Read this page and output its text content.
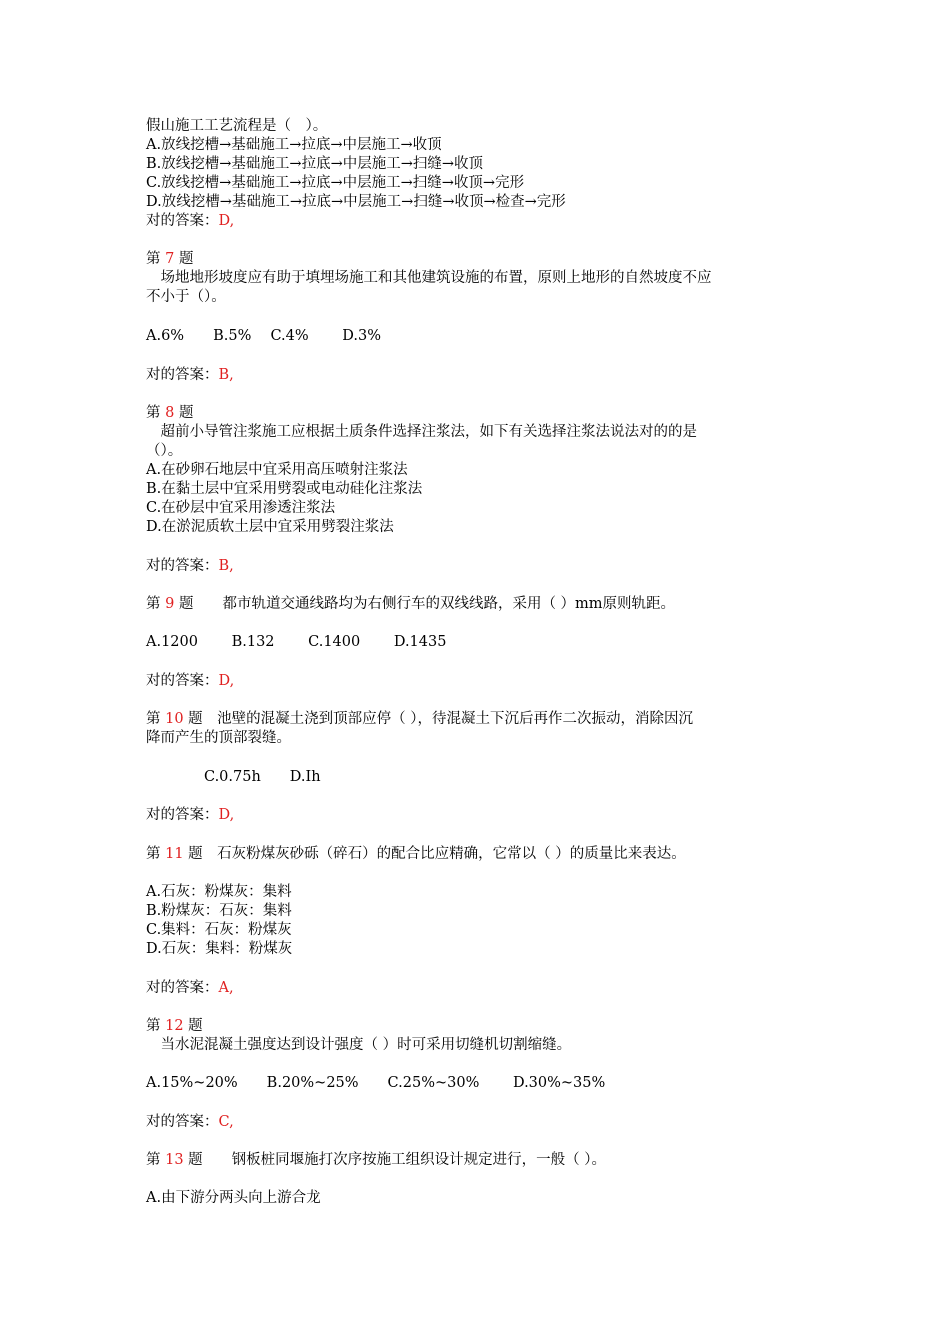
假山施工工艺流程是（　）。
A.放线挖槽→基础施工→拉底→中层施工→收顶
B.放线挖槽→基础施工→拉底→中层施工→扫缝→收顶
C.放线挖槽→基础施工→拉底→中层施工→扫缝→收顶→完形
D.放线挖槽→基础施工→拉底→中层施工→扫缝→收顶→检查→完形
对的答案：D,
第 7 题
　场地地形坡度应有助于填埋场施工和其他建筑设施的布置，原则上地形的自然坡度不应
不小于（）。
A.6%　　B.5%　 C.4%　　 D.3%
对的答案：B,
第 8 题
　超前小导管注浆施工应根据土质条件选择注浆法，如下有关选择注浆法说法对的的是
（）。
A.在砂卵石地层中宜采用高压喷射注浆法
B.在黏土层中宜采用劈裂或电动硅化注浆法
C.在砂层中宜采用渗透注浆法
D.在淤泥质软土层中宜采用劈裂注浆法
对的答案：B,
第 9 题　　都市轨道交通线路均为右侧行车的双线线路，采用（ ）mm原则轨距。
A.1200　　 B.132　　 C.1400　　 D.1435
对的答案：D,
第 10 题　池壁的混凝土浇到顶部应停（ ），待混凝土下沉后再作二次振动，消除因沉
降而产生的顶部裂缝。
　　　　C.0.75h　　D.Ih
对的答案：D,
第 11 题　石灰粉煤灰砂砾（碎石）的配合比应精确，它常以（ ）的质量比来表达。
A.石灰：粉煤灰：集料
B.粉煤灰：石灰：集料
C.集料：石灰：粉煤灰
D.石灰：集料：粉煤灰
对的答案：A,
第 12 题
　当水泥混凝土强度达到设计强度（ ）时可采用切缝机切割缩缝。
A.15%~20%　　B.20%~25%　　C.25%~30%　　 D.30%~35%
对的答案：C,
第 13 题　　钢板桩同堰施打次序按施工组织设计规定进行，一般（ ）。
A.由下游分两头向上游合龙
